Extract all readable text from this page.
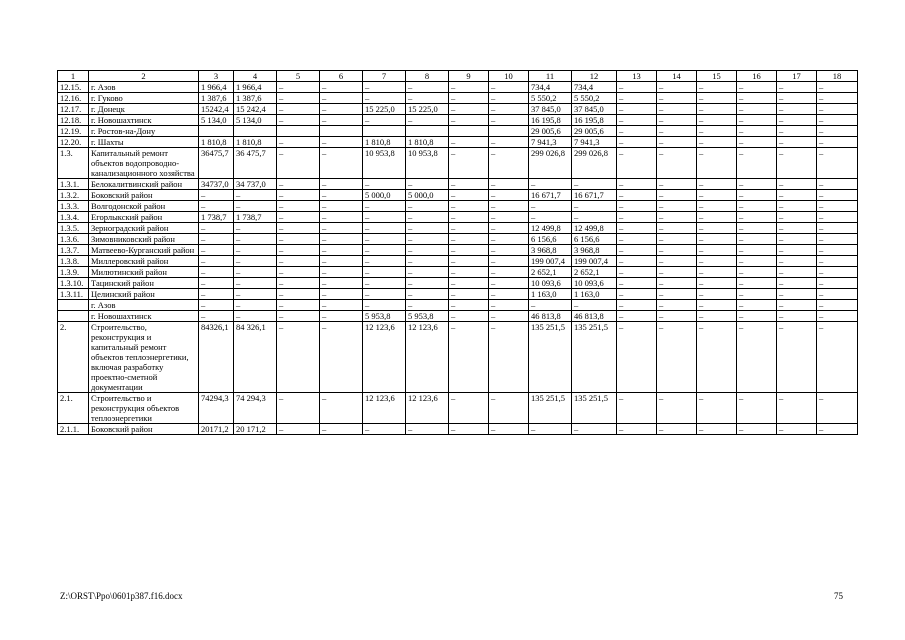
1	2	3	4	5	6	7	8	9	10	11	12	13	14	15	16	17	18
12.15.	г. Азов	1 966,4	1 966,4	–	–	–	–	–	–	734,4	734,4	–	–	–	–	–	–
12.16.	г. Гуково	1 387,6	1 387,6	–	–	–	–	–	–	5 550,2	5 550,2	–	–	–	–	–	–
12.17.	г. Донецк	15242,4	15 242,4	–	–	15 225,0	15 225,0	–	–	37 845,0	37 845,0	–	–	–	–	–	–
12.18.	г. Новошахтинск	5 134,0	5 134,0	–	–	–	–	–	–	16 195,8	16 195,8	–	–	–	–	–	–
12.19.	г. Ростов-на-Дону									29 005,6	29 005,6	–	–	–	–	–	–
12.20.	г. Шахты	1 810,8	1 810,8	–	–	1 810,8	1 810,8	–	–	7 941,3	7 941,3	–	–	–	–	–	–
1.3.	Капитальный ремонт объектов водопроводно-канализационного хозяйства	36475,7	36 475,7	–	–	10 953,8	10 953,8	–	–	299 026,8	299 026,8	–	–	–	–	–	–
1.3.1.	Белокалитвинский район	34737,0	34 737,0	–	–	–	–	–	–	–	–	–	–	–	–	–	–
1.3.2.	Боковский район	–	–	–	–	5 000,0	5 000,0	–	–	16 671,7	16 671,7	–	–	–	–	–	–
1.3.3.	Волгодонской район	–	–	–	–	–	–	–	–	–	–	–	–	–	–	–	–
1.3.4.	Егорлыкский район	1 738,7	1 738,7	–	–	–	–	–	–	–	–	–	–	–	–	–	–
1.3.5.	Зерноградский район	–	–	–	–	–	–	–	–	12 499,8	12 499,8	–	–	–	–	–	–
1.3.6.	Зимовниковский район	–	–	–	–	–	–	–	–	6 156,6	6 156,6	–	–	–	–	–	–
1.3.7.	Матвеево-Курганский район	–	–	–	–	–	–	–	–	3 968,8	3 968,8	–	–	–	–	–	–
1.3.8.	Миллеровский район	–	–	–	–	–	–	–	–	199 007,4	199 007,4	–	–	–	–	–	–
1.3.9.	Милютинский район	–	–	–	–	–	–	–	–	2 652,1	2 652,1	–	–	–	–	–	–
1.3.10.	Тацинский район	–	–	–	–	–	–	–	–	10 093,6	10 093,6	–	–	–	–	–	–
1.3.11.	Целинский район	–	–	–	–	–	–	–	–	1 163,0	1 163,0	–	–	–	–	–	–
	г. Азов	–	–	–	–	–	–	–	–	–	–	–	–	–	–	–	–
	г. Новошахтинск	–	–	–	–	5 953,8	5 953,8	–	–	46 813,8	46 813,8	–	–	–	–	–	–
2.	Строительство, реконструкция и капитальный ремонт объектов теплоэнергетики, включая разработку проектно-сметной документации	84326,1	84 326,1	–	–	12 123,6	12 123,6	–	–	135 251,5	135 251,5	–	–	–	–	–	–
2.1.	Строительство и реконструкция объектов теплоэнергетики	74294,3	74 294,3	–	–	12 123,6	12 123,6	–	–	135 251,5	135 251,5	–	–	–	–	–	–
2.1.1.	Боковский район	20171,2	20 171,2	–	–	–	–	–	–	–	–	–	–	–	–	–	–
Z:\ORST\Ppo\0601p387.f16.docx	75
